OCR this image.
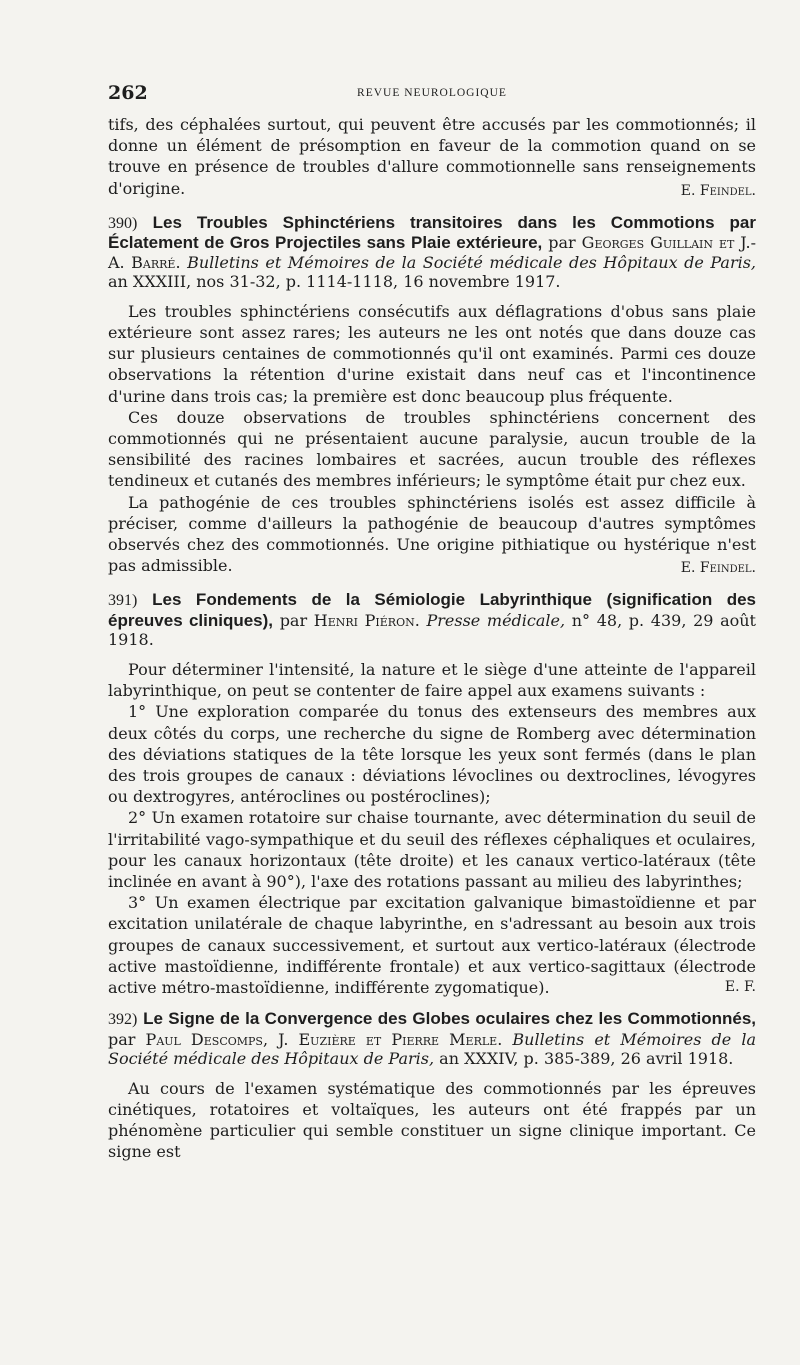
262	REVUE NEUROLOGIQUE

tifs, des céphalées surtout, qui peuvent être accusés par les commotionnés; il donne un élément de présomption en faveur de la commotion quand on se trouve en présence de troubles d'allure commotionnelle sans renseignements d'origine.	E. Feindel.
390) Les Troubles Sphinctériens transitoires dans les Commotions par Éclatement de Gros Projectiles sans Plaie extérieure, par Georges Guillain et J.-A. Barré. Bulletins et Mémoires de la Société médicale des Hôpitaux de Paris, an XXXIII, nos 31-32, p. 1114-1118, 16 novembre 1917.

Les troubles sphinctériens consécutifs aux déflagrations d'obus sans plaie extérieure sont assez rares; les auteurs ne les ont notés que dans douze cas sur plusieurs centaines de commotionnés qu'il ont examinés. Parmi ces douze observations la rétention d'urine existait dans neuf cas et l'incontinence d'urine dans trois cas; la première est donc beaucoup plus fréquente.

Ces douze observations de troubles sphinctériens concernent des commotionnés qui ne présentaient aucune paralysie, aucun trouble de la sensibilité des racines lombaires et sacrées, aucun trouble des réflexes tendineux et cutanés des membres inférieurs; le symptôme était pur chez eux.

La pathogénie de ces troubles sphinctériens isolés est assez difficile à préciser, comme d'ailleurs la pathogénie de beaucoup d'autres symptômes observés chez des commotionnés. Une origine pithiatique ou hystérique n'est pas admissible.	E. Feindel.
391) Les Fondements de la Sémiologie Labyrinthique (signification des épreuves cliniques), par Henri Piéron. Presse médicale, n° 48, p. 439, 29 août 1918.

Pour déterminer l'intensité, la nature et le siège d'une atteinte de l'appareil labyrinthique, on peut se contenter de faire appel aux examens suivants :

1° Une exploration comparée du tonus des extenseurs des membres aux deux côtés du corps, une recherche du signe de Romberg avec détermination des déviations statiques de la tête lorsque les yeux sont fermés (dans le plan des trois groupes de canaux : déviations lévoclines ou dextroclines, lévogyres ou dextrogyres, antéroclines ou postéroclines);

2° Un examen rotatoire sur chaise tournante, avec détermination du seuil de l'irritabilité vago-sympathique et du seuil des réflexes céphaliques et oculaires, pour les canaux horizontaux (tête droite) et les canaux vertico-latéraux (tête inclinée en avant à 90°), l'axe des rotations passant au milieu des labyrinthes;

3° Un examen électrique par excitation galvanique bimastoïdienne et par excitation unilatérale de chaque labyrinthe, en s'adressant au besoin aux trois groupes de canaux successivement, et surtout aux vertico-latéraux (électrode active mastoïdienne, indifférente frontale) et aux vertico-sagittaux (électrode active métro-mastoïdienne, indifférente zygomatique).	E. F.
392) Le Signe de la Convergence des Globes oculaires chez les Commotionnés, par Paul Descomps, J. Euzière et Pierre Merle. Bulletins et Mémoires de la Société médicale des Hôpitaux de Paris, an XXXIV, p. 385-389, 26 avril 1918.

Au cours de l'examen systématique des commotionnés par les épreuves cinétiques, rotatoires et voltaïques, les auteurs ont été frappés par un phénomène particulier qui semble constituer un signe clinique important. Ce signe est
